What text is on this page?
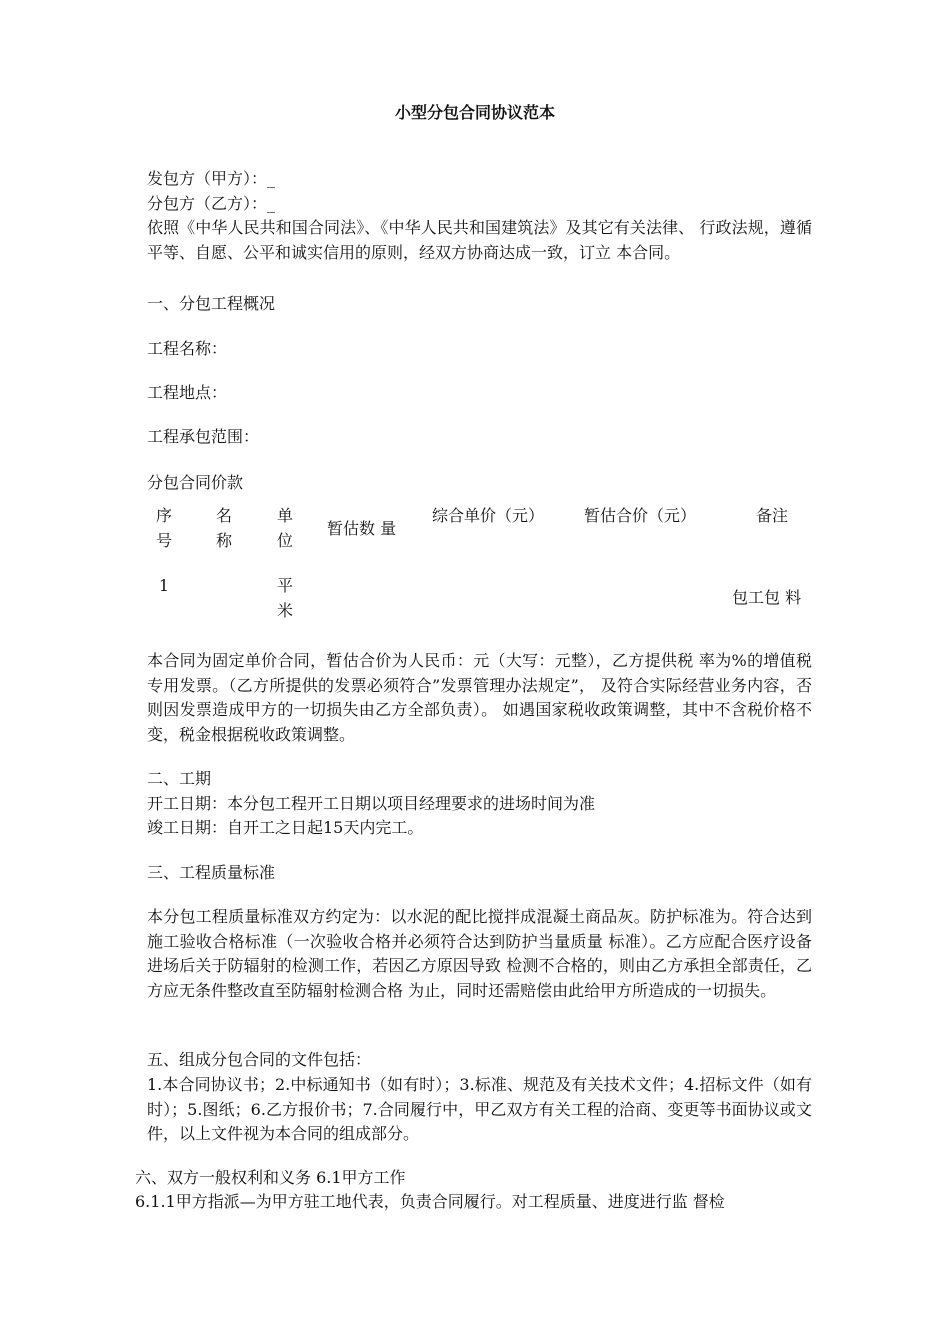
小型分包合同协议范本
发包方（甲方）：_
分包方（乙方）：_
依照《中华人民共和国合同法》、《中华人民共和国建筑法》及其它有关法律、 行政法规，遵循平等、自愿、公平和诚实信用的原则，经双方协商达成一致，订立 本合同。
一、分包工程概况
工程名称：
工程地点：
工程承包范围：
分包合同价款
序号
名称
单位
暂估数 量
综合单价（元） 暂估合价（元）	备注
1	平米
包工包 料
本合同为固定单价合同，暂估合价为人民币：元（大写：元整），乙方提供税 率为%的增值税专用发票。（乙方所提供的发票必须符合”发票管理办法规定”， 及符合实际经营业务内容，否则因发票造成甲方的一切损失由乙方全部负责）。 如遇国家税收政策调整，其中不含税价格不变，税金根据税收政策调整。
二、工期
开工日期：本分包工程开工日期以项目经理要求的进场时间为准
竣工日期：自开工之日起15天内完工。
三、工程质量标准
本分包工程质量标准双方约定为：以水泥的配比搅拌成混凝土商品灰。防护标准为。符合达到施工验收合格标准（一次验收合格并必须符合达到防护当量质量 标准）。乙方应配合医疗设备进场后关于防辐射的检测工作，若因乙方原因导致 检测不合格的，则由乙方承担全部责任，乙方应无条件整改直至防辐射检测合格 为止，同时还需赔偿由此给甲方所造成的一切损失。
五、组成分包合同的文件包括：
1.本合同协议书；2.中标通知书（如有时）；3.标准、规范及有关技术文件；4.招标文件（如有时）；5.图纸；6.乙方报价书；7.合同履行中，甲乙双方有关工程的洽商、变更等书面协议或文件，以上文件视为本合同的组成部分。
六、双方一般权利和义务 6.1甲方工作
6.1.1甲方指派—为甲方驻工地代表，负责合同履行。对工程质量、进度进行监 督检
